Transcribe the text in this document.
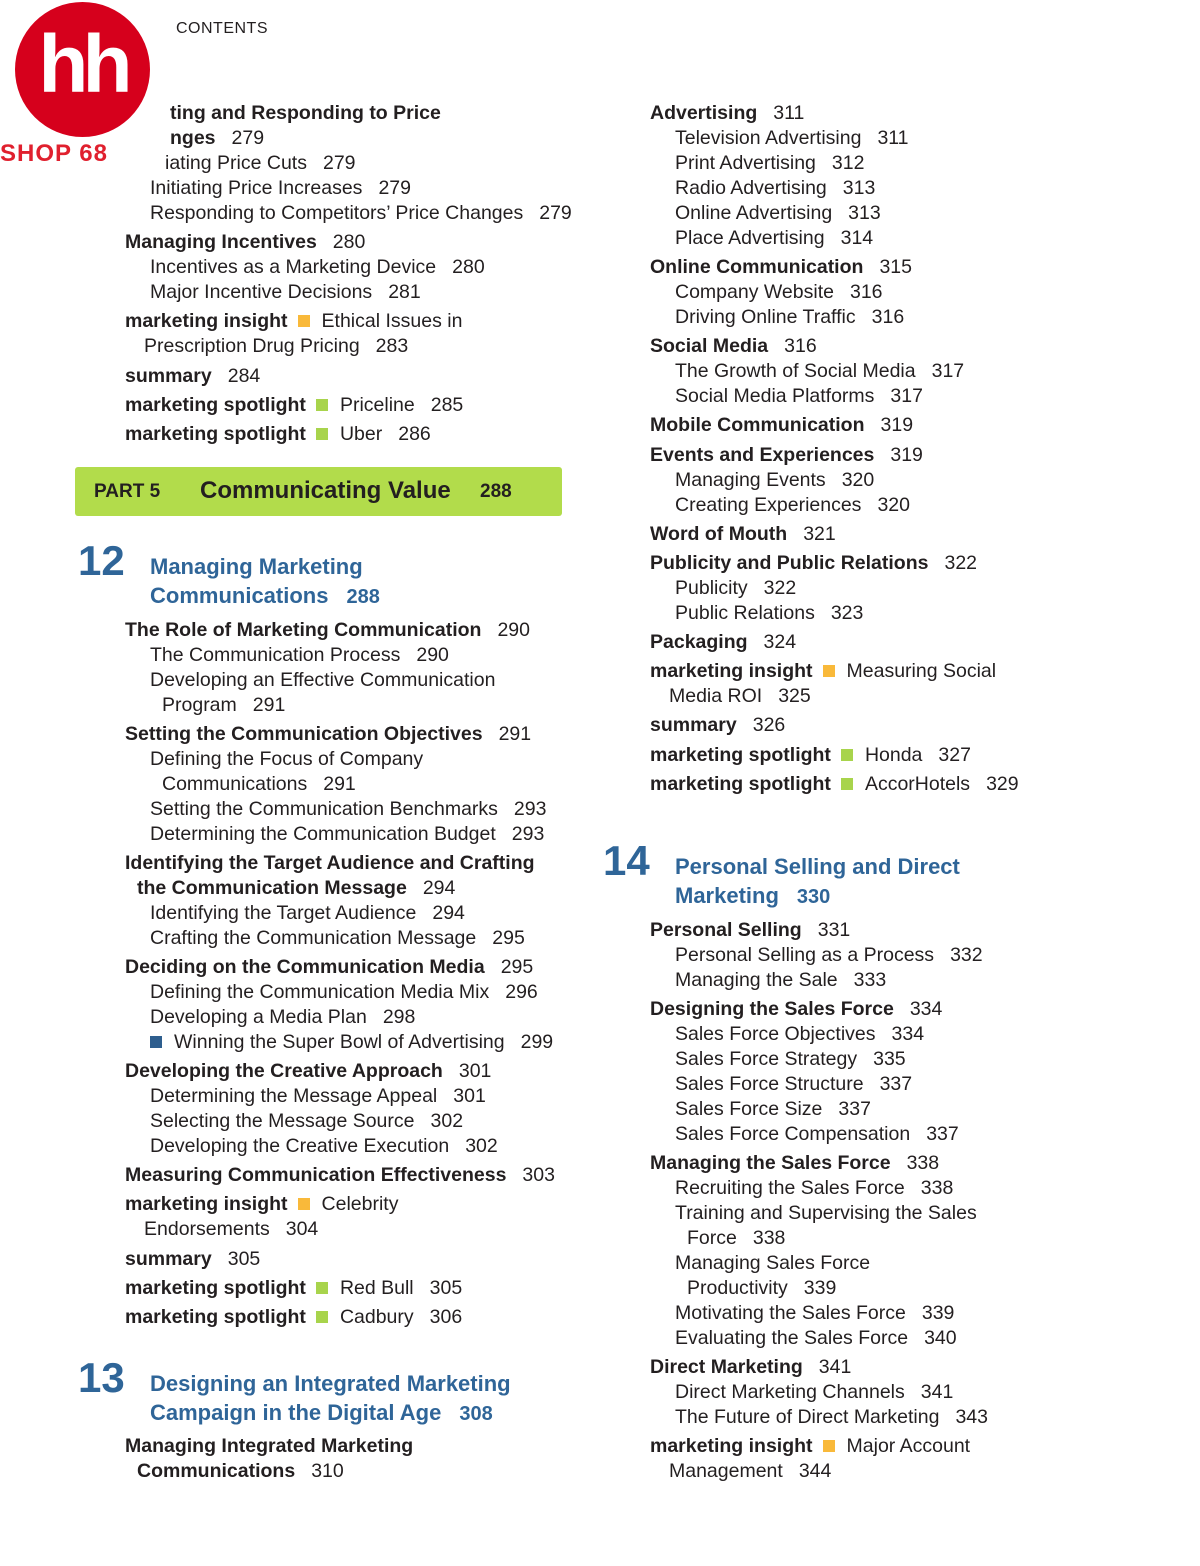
hh
SHOP 68
CONTENTS
ting and Responding to Price
nges 279
iating Price Cuts 279
Initiating Price Increases 279
Responding to Competitors’ Price Changes 279
Managing Incentives 280
Incentives as a Marketing Device 280
Major Incentive Decisions 281
marketing insight Ethical Issues in
Prescription Drug Pricing 283
summary 284
marketing spotlight Priceline 285
marketing spotlight Uber 286
PART 5 Communicating Value 288
12 Managing Marketing
Communications 288
The Role of Marketing Communication 290
The Communication Process 290
Developing an Effective Communication
Program 291
Setting the Communication Objectives 291
Defining the Focus of Company
Communications 291
Setting the Communication Benchmarks 293
Determining the Communication Budget 293
Identifying the Target Audience and Crafting
the Communication Message 294
Identifying the Target Audience 294
Crafting the Communication Message 295
Deciding on the Communication Media 295
Defining the Communication Media Mix 296
Developing a Media Plan 298
Winning the Super Bowl of Advertising 299
Developing the Creative Approach 301
Determining the Message Appeal 301
Selecting the Message Source 302
Developing the Creative Execution 302
Measuring Communication Effectiveness 303
marketing insight Celebrity
Endorsements 304
summary 305
marketing spotlight Red Bull 305
marketing spotlight Cadbury 306
13 Designing an Integrated Marketing
Campaign in the Digital Age 308
Managing Integrated Marketing
Communications 310
Advertising 311
Television Advertising 311
Print Advertising 312
Radio Advertising 313
Online Advertising 313
Place Advertising 314
Online Communication 315
Company Website 316
Driving Online Traffic 316
Social Media 316
The Growth of Social Media 317
Social Media Platforms 317
Mobile Communication 319
Events and Experiences 319
Managing Events 320
Creating Experiences 320
Word of Mouth 321
Publicity and Public Relations 322
Publicity 322
Public Relations 323
Packaging 324
marketing insight Measuring Social
Media ROI 325
summary 326
marketing spotlight Honda 327
marketing spotlight AccorHotels 329
14 Personal Selling and Direct
Marketing 330
Personal Selling 331
Personal Selling as a Process 332
Managing the Sale 333
Designing the Sales Force 334
Sales Force Objectives 334
Sales Force Strategy 335
Sales Force Structure 337
Sales Force Size 337
Sales Force Compensation 337
Managing the Sales Force 338
Recruiting the Sales Force 338
Training and Supervising the Sales
Force 338
Managing Sales Force
Productivity 339
Motivating the Sales Force 339
Evaluating the Sales Force 340
Direct Marketing 341
Direct Marketing Channels 341
The Future of Direct Marketing 343
marketing insight Major Account
Management 344
